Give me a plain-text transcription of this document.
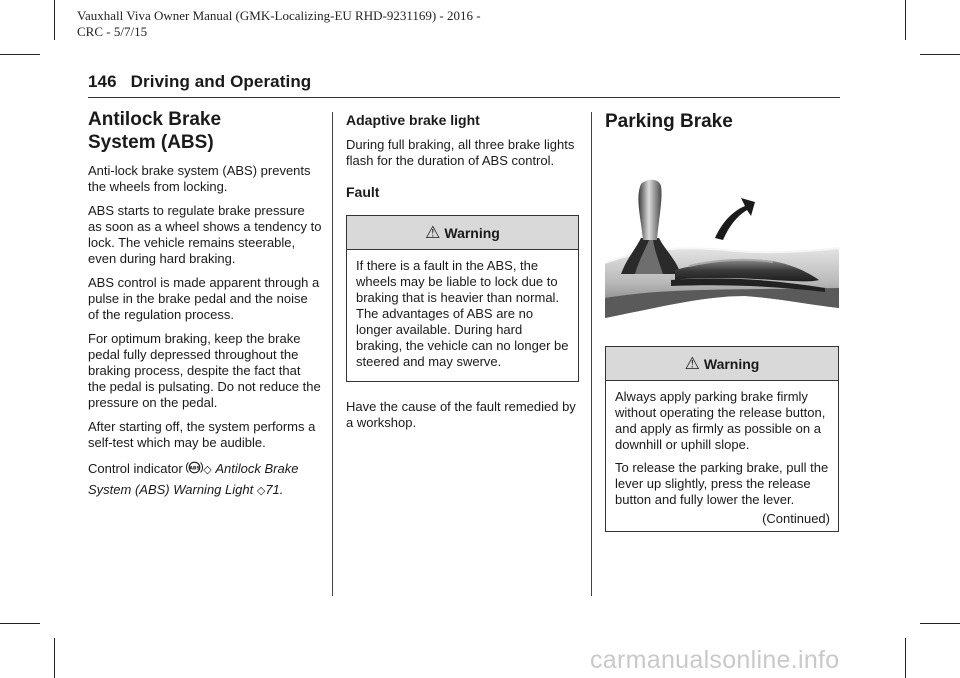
Vauxhall Viva Owner Manual (GMK-Localizing-EU RHD-9231169) - 2016 -
CRC - 5/7/15
146 Driving and Operating
Antilock Brake
System (ABS)

Anti-lock brake system (ABS) prevents the wheels from locking.

ABS starts to regulate brake pressure as soon as a wheel shows a tendency to lock. The vehicle remains steerable, even during hard braking.

ABS control is made apparent through a pulse in the brake pedal and the noise of the regulation process.

For optimum braking, keep the brake pedal fully depressed throughout the braking process, despite the fact that the pedal is pulsating. Do not reduce the pressure on the pedal.

After starting off, the system performs a self-test which may be audible.

Control indicator ABS ◇ Antilock Brake System (ABS) Warning Light ◇71.

Adaptive brake light

During full braking, all three brake lights flash for the duration of ABS control.

Fault
⚠ Warning

If there is a fault in the ABS, the wheels may be liable to lock due to braking that is heavier than normal. The advantages of ABS are no longer available. During hard braking, the vehicle can no longer be steered and may swerve.

Have the cause of the fault remedied by a workshop.

Parking Brake
⚠ Warning

Always apply parking brake firmly without operating the release button, and apply as firmly as possible on a downhill or uphill slope.

To release the parking brake, pull the lever up slightly, press the release button and fully lower the lever.

(Continued)
carmanualsonline.info
